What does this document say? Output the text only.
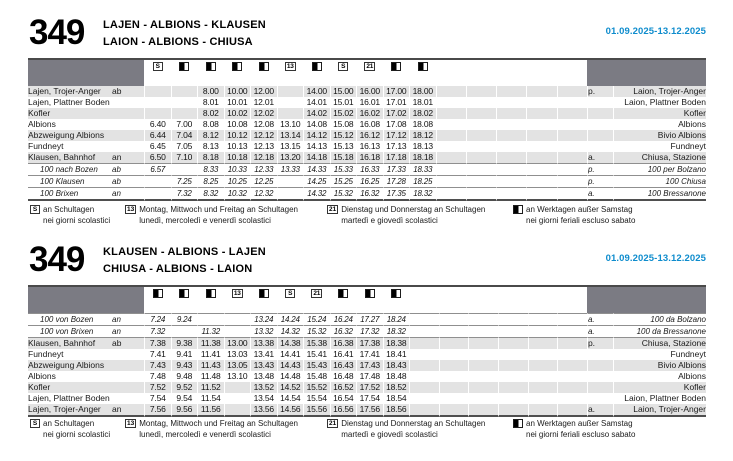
349 LAJEN - ALBIONS - KLAUSEN
LAION - ALBIONS - CHIUSA
01.09.2025-13.12.2025

		S					13		S	21									

Lajen, Trojer-Anger	ab			8.00	10.00	12.00		14.00	15.00	16.00	17.00	18.00						p.	Laion, Trojer-Anger
Lajen, Plattner Boden				8.01	10.01	12.01		14.01	15.01	16.01	17.01	18.01							Laion, Plattner Boden
Kofler				8.02	10.02	12.02		14.02	15.02	16.02	17.02	18.02							Kofler
Albions		6.40	7.00	8.08	10.08	12.08	13.10	14.08	15.08	16.08	17.08	18.08							Albions
Abzweigung Albions		6.44	7.04	8.12	10.12	12.12	13.14	14.12	15.12	16.12	17.12	18.12							Bivio Albions
Fundneyt		6.45	7.05	8.13	10.13	12.13	13.15	14.13	15.13	16.13	17.13	18.13							Fundneyt
Klausen, Bahnhof	an	6.50	7.10	8.18	10.18	12.18	13.20	14.18	15.18	16.18	17.18	18.18						a.	Chiusa, Stazione
100 nach Bozen	ab	6.57		8.33	10.33	12.33	13.33	14.33	15.33	16.33	17.33	18.33						p.	100 per Bolzano
100 Klausen	ab		7.25	8.25	10.25	12.25		14.25	15.25	16.25	17.28	18.25						p.	100 Chiusa
100 Brixen	an		7.32	8.32	10.32	12.32		14.32	15.32	16.32	17.35	18.32						a.	100 Bressanone
S an Schultagen
nei giorni scolastici
13 Montag, Mittwoch und Freitag an Schultagen
lunedì, mercoledì e venerdì scolastici
21 Dienstag und Donnerstag an Schultagen
martedì e giovedì scolastici
an Werktagen außer Samstag
nei giorni feriali escluso sabato
349 KLAUSEN - ALBIONS - LAJEN
CHIUSA - ALBIONS - LAION
01.09.2025-13.12.2025

					13		S	21											

100 von Bozen	an	7.24	9.24			13.24	14.24	15.24	16.24	17.27	18.24							a.	100 da Bolzano
100 von Brixen	an	7.32		11.32		13.32	14.32	15.32	16.32	17.32	18.32							a.	100 da Bressanone
Klausen, Bahnhof	ab	7.38	9.38	11.38	13.00	13.38	14.38	15.38	16.38	17.38	18.38							p.	Chiusa, Stazione
Fundneyt		7.41	9.41	11.41	13.03	13.41	14.41	15.41	16.41	17.41	18.41								Fundneyt
Abzweigung Albions		7.43	9.43	11.43	13.05	13.43	14.43	15.43	16.43	17.43	18.43								Bivio Albions
Albions		7.48	9.48	11.48	13.10	13.48	14.48	15.48	16.48	17.48	18.48								Albions
Kofler		7.52	9.52	11.52		13.52	14.52	15.52	16.52	17.52	18.52								Kofler
Lajen, Plattner Boden		7.54	9.54	11.54		13.54	14.54	15.54	16.54	17.54	18.54								Laion, Plattner Boden
Lajen, Trojer-Anger	an	7.56	9.56	11.56		13.56	14.56	15.56	16.56	17.56	18.56							a.	Laion, Trojer-Anger
S an Schultagen
nei giorni scolastici
13 Montag, Mittwoch und Freitag an Schultagen
lunedì, mercoledì e venerdì scolastici
21 Dienstag und Donnerstag an Schultagen
martedì e giovedì scolastici
an Werktagen außer Samstag
nei giorni feriali escluso sabato
